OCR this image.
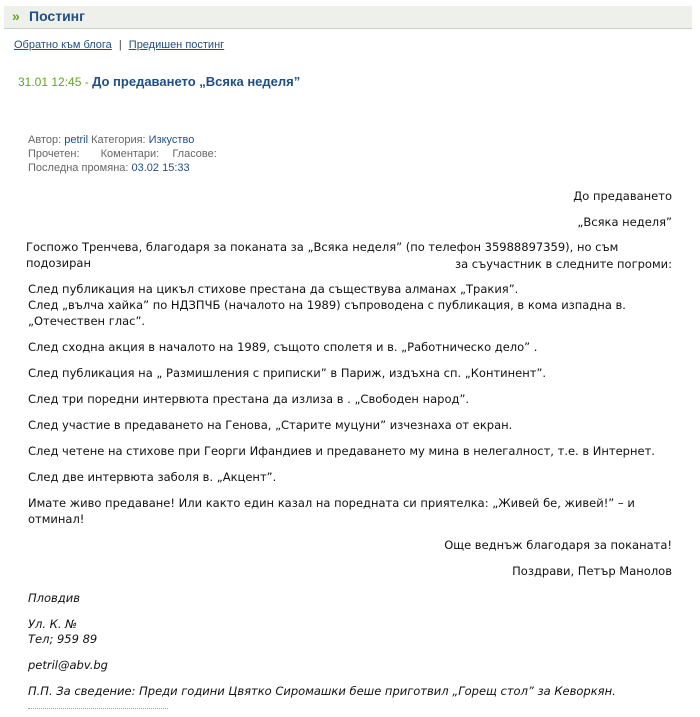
» Постинг
Обратно към блога | Предишен постинг
31.01 12:45 - До предаването „Всяка неделя”
Автор: petril Категория: Изкуство
Прочетен: Коментари: Гласове:
Последна промяна: 03.02 15:33
До предаването
„Всяка неделя”
Госпожо Тренчева, благодаря за поканата за „Всяка неделя” (по телефон 35988897359), но съм подозиран	за съучастник в следните погроми:
След публикация на цикъл стихове престана да съществува алманах „Тракия”.
След „вълча хайка” по НДЗПЧБ (началото на 1989) съпроводена с публикация, в кома изпадна в.
„Отечествен глас”.
След сходна акция в началото на 1989, същото сполетя и в. „Работническо дело” .
След публикация на „ Размишления с приписки” в Париж, издъхна сп. „Континент”.
След три поредни интервюта престана да излиза в . „Свободен народ”.
След участие в предаването на Генова, „Старите муцуни” изчезнаха от екран.
След четене на стихове при Георги Ифандиев и предаването му мина в нелегалност, т.е. в Интернет.
След две интервюта заболя в. „Акцент”.
Имате живо предаване! Или както един казал на поредната си приятелка: „Живей бе, живей!” – и
отминал!
Още веднъж благодаря за поканата!
Поздрави, Петър Манолов
Пловдив
Ул. К. №
Тел; 959 89
petril@abv.bg
П.П. За сведение: Преди години Цвятко Сиромашки беше приготвил „Горещ стол” за Кеворкян.
